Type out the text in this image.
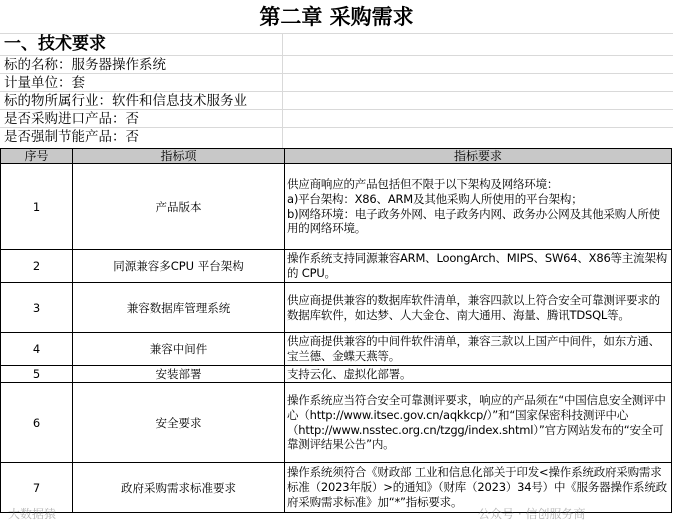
第二章 采购需求
一、技术要求
标的名称：服务器操作系统
计量单位：套
标的物所属行业：软件和信息技术服务业
是否采购进口产品：否
是否强制节能产品：否
序号	指标项	指标要求
1	产品版本	供应商响应的产品包括但不限于以下架构及网络环境：
a)平台架构：X86、ARM及其他采购人所使用的平台架构；
b)网络环境：电子政务外网、电子政务内网、政务办公网及其他采购人所使用的网络环境。

2	同源兼容多CPU 平台架构	操作系统支持同源兼容ARM、LoongArch、MIPS、SW64、X86等主流架构的 CPU。

3	兼容数据库管理系统	供应商提供兼容的数据库软件清单，兼容四款以上符合安全可靠测评要求的数据库软件，如达梦、人大金仓、南大通用、海量、腾讯TDSQL等。

4	兼容中间件	供应商提供兼容的中间件软件清单，兼容三款以上国产中间件，如东方通、宝兰德、金蝶天燕等。

5	安装部署	支持云化、虚拟化部署。

6	安全要求	操作系统应当符合安全可靠测评要求，响应的产品须在“中国信息安全测评中心（http://www.itsec.gov.cn/aqkkcp/）”和“国家保密科技测评中心（http://www.nsstec.org.cn/tzgg/index.shtml）”官方网站发布的“安全可靠测评结果公告”内。

7	政府采购需求标准要求	操作系统须符合《财政部 工业和信息化部关于印发<操作系统政府采购需求标准（2023年版）>的通知》（财库（2023）34号）中《服务器操作系统政府采购需求标准》加“*”指标要求。
大数据猿	公众号 · 信创服务商
